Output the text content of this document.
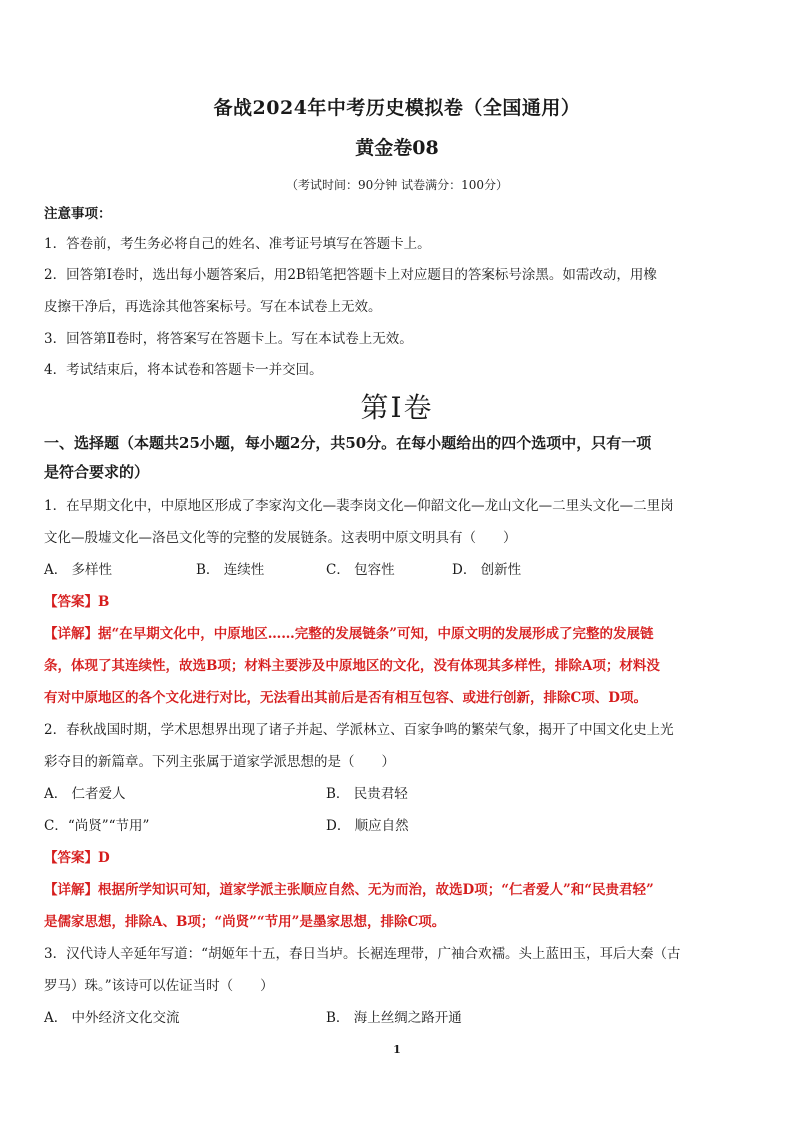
备战2024年中考历史模拟卷（全国通用）
黄金卷08
（考试时间：90分钟 试卷满分：100分）
注意事项：
1．答卷前，考生务必将自己的姓名、准考证号填写在答题卡上。
2．回答第Ⅰ卷时，选出每小题答案后，用2B铅笔把答题卡上对应题目的答案标号涂黑。如需改动，用橡
皮擦干净后，再选涂其他答案标号。写在本试卷上无效。
3．回答第Ⅱ卷时，将答案写在答题卡上。写在本试卷上无效。
4．考试结束后，将本试卷和答题卡一并交回。
第Ⅰ卷
一、选择题（本题共25小题，每小题2分，共50分。在每小题给出的四个选项中，只有一项
是符合要求的）
1．在早期文化中，中原地区形成了李家沟文化—裴李岗文化—仰韶文化—龙山文化—二里头文化—二里岗
文化—殷墟文化—洛邑文化等的完整的发展链条。这表明中原文明具有（　　）
A． 多样性	B． 连续性	C． 包容性	D． 创新性
【答案】B
【详解】据“在早期文化中，中原地区……完整的发展链条”可知，中原文明的发展形成了完整的发展链
条，体现了其连续性，故选B项；材料主要涉及中原地区的文化，没有体现其多样性，排除A项；材料没
有对中原地区的各个文化进行对比，无法看出其前后是否有相互包容、或进行创新，排除C项、D项。
2．春秋战国时期，学术思想界出现了诸子并起、学派林立、百家争鸣的繁荣气象，揭开了中国文化史上光
彩夺目的新篇章。下列主张属于道家学派思想的是（　　）
A． 仁者爱人	B． 民贵君轻
C．“尚贤”“节用”	D． 顺应自然
【答案】D
【详解】根据所学知识可知，道家学派主张顺应自然、无为而治，故选D项；“仁者爱人”和“民贵君轻”
是儒家思想，排除A、B项；“尚贤”“节用”是墨家思想，排除C项。
3．汉代诗人辛延年写道：“胡姬年十五，春日当垆。长裾连理带，广袖合欢襦。头上蓝田玉，耳后大秦（古
罗马）珠。”该诗可以佐证当时（　　）
A． 中外经济文化交流	B． 海上丝绸之路开通
1
